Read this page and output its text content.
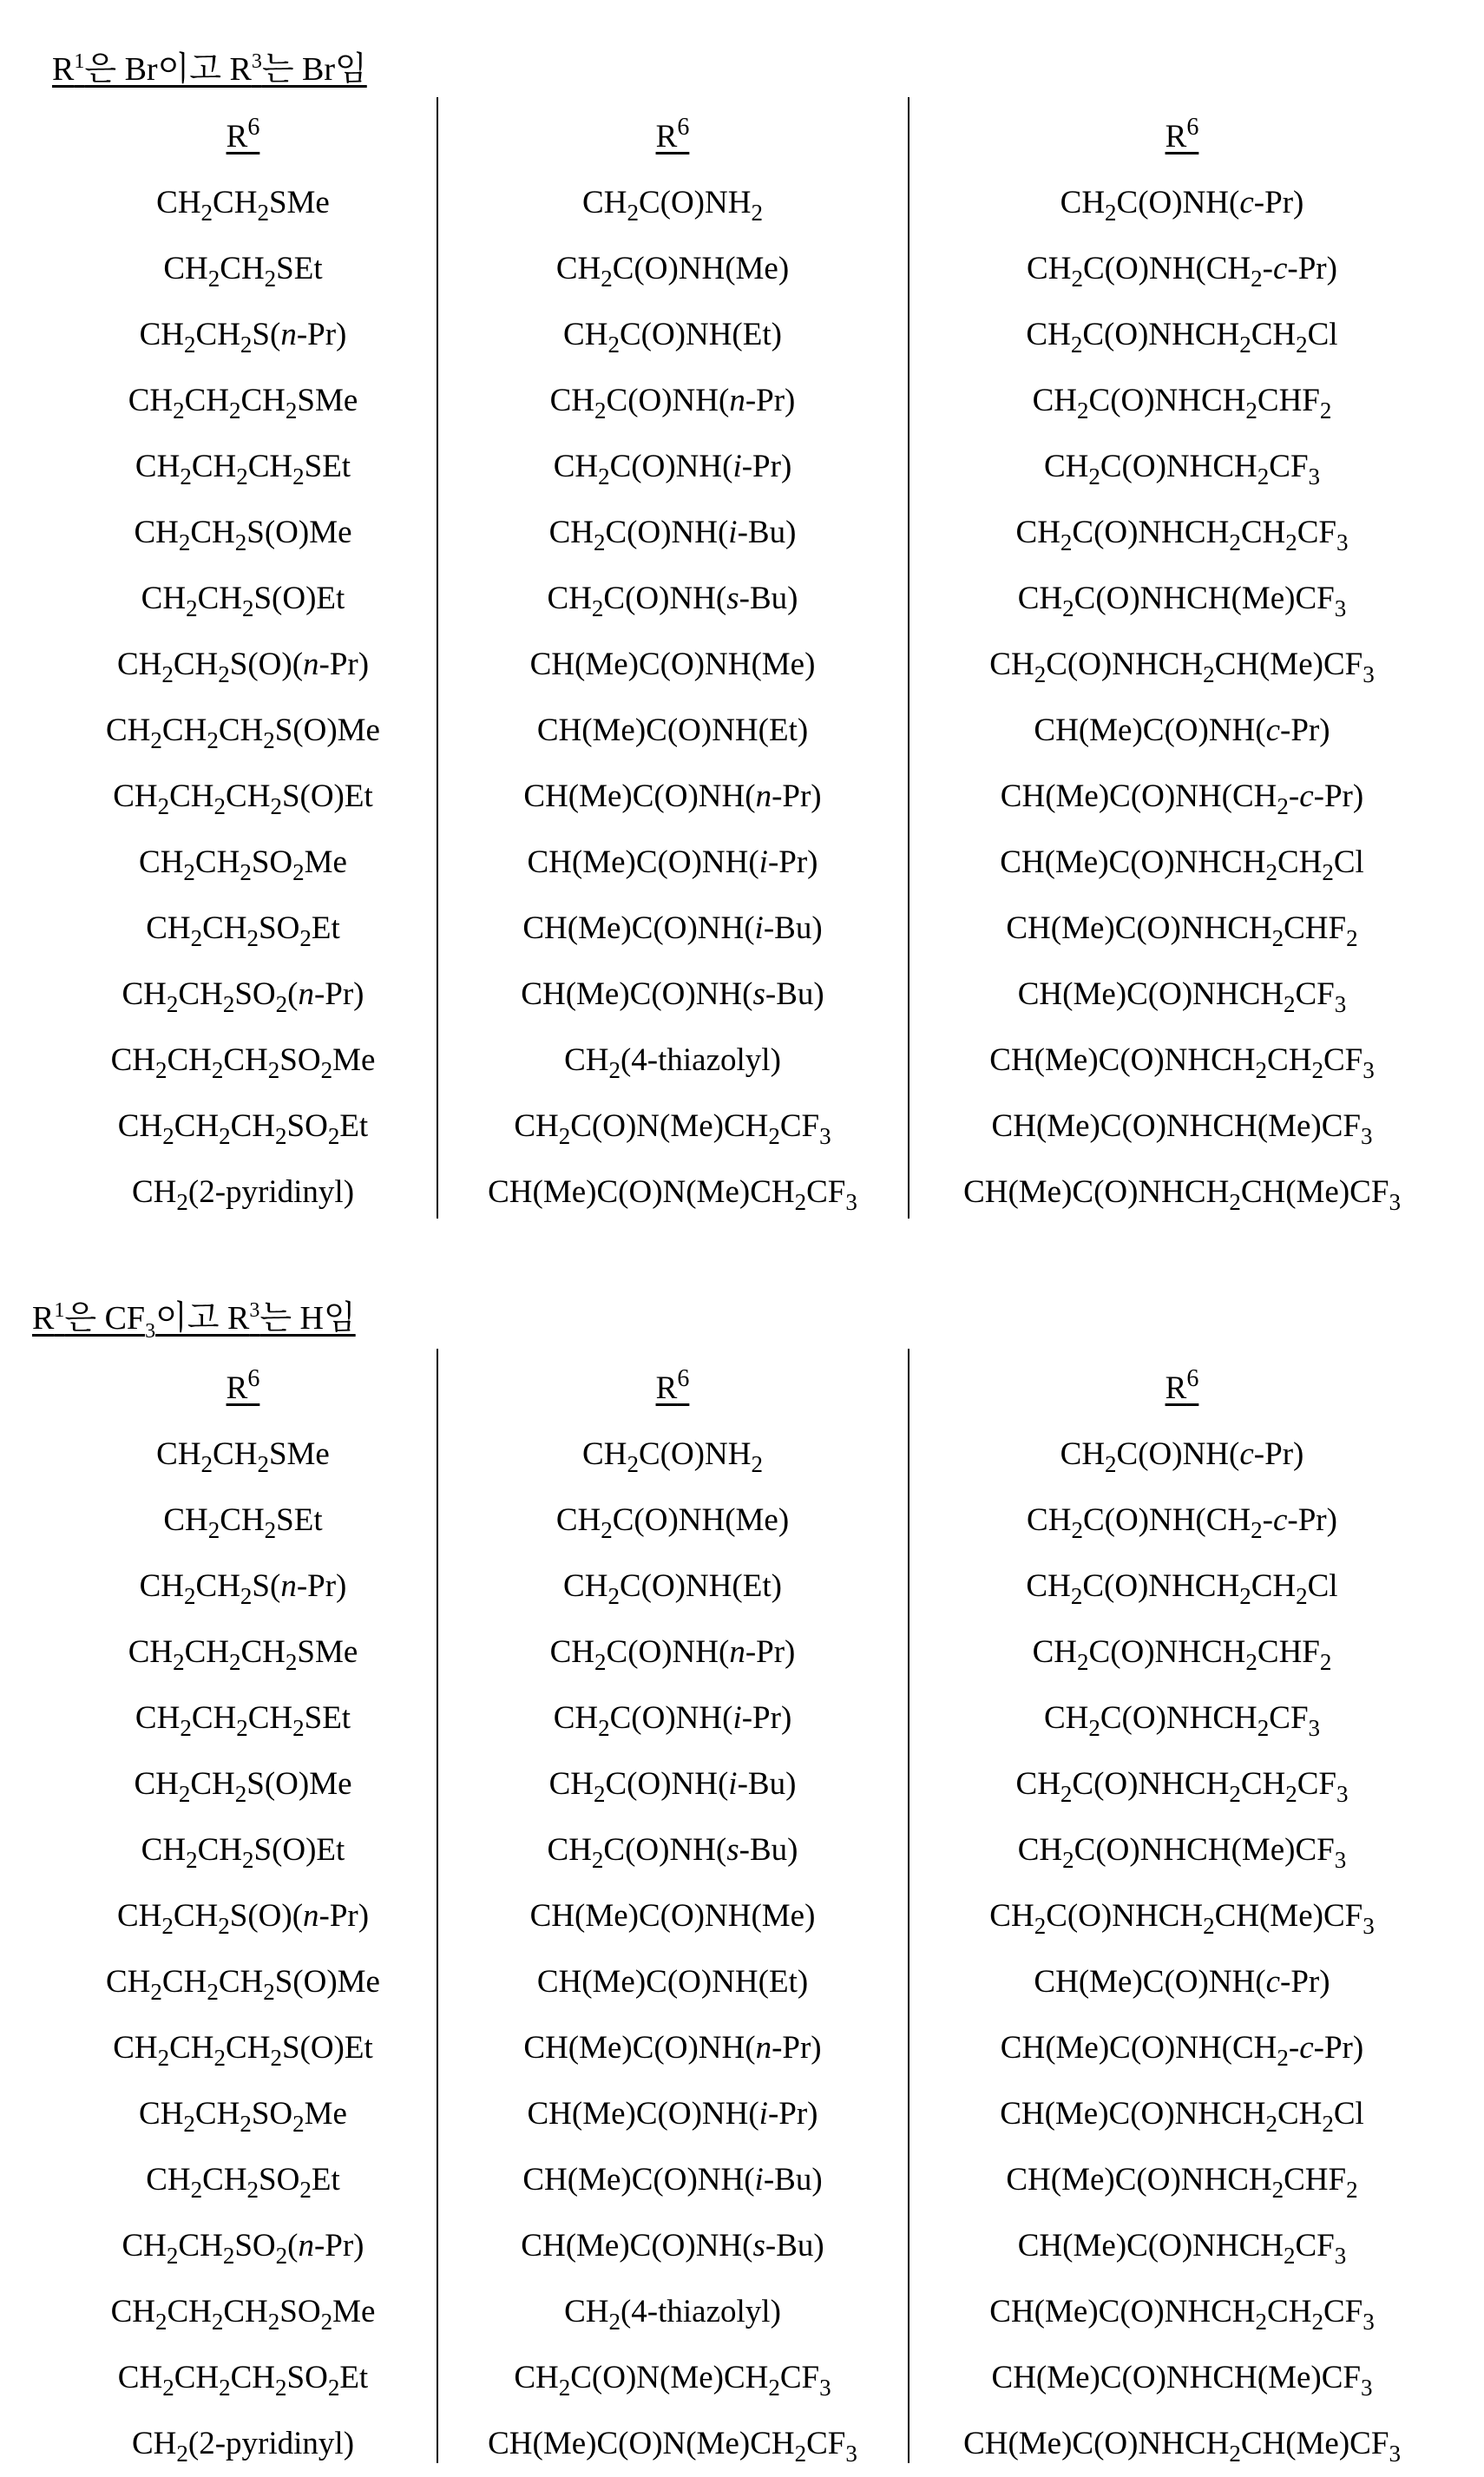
R1은 Br이고 R3는 Br임
R6
CH2CH2SMe
CH2CH2SEt
CH2CH2S(n-Pr)
CH2CH2CH2SMe
CH2CH2CH2SEt
CH2CH2S(O)Me
CH2CH2S(O)Et
CH2CH2S(O)(n-Pr)
CH2CH2CH2S(O)Me
CH2CH2CH2S(O)Et
CH2CH2SO2Me
CH2CH2SO2Et
CH2CH2SO2(n-Pr)
CH2CH2CH2SO2Me
CH2CH2CH2SO2Et
CH2(2-pyridinyl)
R6
CH2C(O)NH2
CH2C(O)NH(Me)
CH2C(O)NH(Et)
CH2C(O)NH(n-Pr)
CH2C(O)NH(i-Pr)
CH2C(O)NH(i-Bu)
CH2C(O)NH(s-Bu)
CH(Me)C(O)NH(Me)
CH(Me)C(O)NH(Et)
CH(Me)C(O)NH(n-Pr)
CH(Me)C(O)NH(i-Pr)
CH(Me)C(O)NH(i-Bu)
CH(Me)C(O)NH(s-Bu)
CH2(4-thiazolyl)
CH2C(O)N(Me)CH2CF3
CH(Me)C(O)N(Me)CH2CF3
R6
CH2C(O)NH(c-Pr)
CH2C(O)NH(CH2-c-Pr)
CH2C(O)NHCH2CH2Cl
CH2C(O)NHCH2CHF2
CH2C(O)NHCH2CF3
CH2C(O)NHCH2CH2CF3
CH2C(O)NHCH(Me)CF3
CH2C(O)NHCH2CH(Me)CF3
CH(Me)C(O)NH(c-Pr)
CH(Me)C(O)NH(CH2-c-Pr)
CH(Me)C(O)NHCH2CH2Cl
CH(Me)C(O)NHCH2CHF2
CH(Me)C(O)NHCH2CF3
CH(Me)C(O)NHCH2CH2CF3
CH(Me)C(O)NHCH(Me)CF3
CH(Me)C(O)NHCH2CH(Me)CF3
R1은 CF3이고 R3는 H임
R6
CH2CH2SMe
CH2CH2SEt
CH2CH2S(n-Pr)
CH2CH2CH2SMe
CH2CH2CH2SEt
CH2CH2S(O)Me
CH2CH2S(O)Et
CH2CH2S(O)(n-Pr)
CH2CH2CH2S(O)Me
CH2CH2CH2S(O)Et
CH2CH2SO2Me
CH2CH2SO2Et
CH2CH2SO2(n-Pr)
CH2CH2CH2SO2Me
CH2CH2CH2SO2Et
CH2(2-pyridinyl)
R6
CH2C(O)NH2
CH2C(O)NH(Me)
CH2C(O)NH(Et)
CH2C(O)NH(n-Pr)
CH2C(O)NH(i-Pr)
CH2C(O)NH(i-Bu)
CH2C(O)NH(s-Bu)
CH(Me)C(O)NH(Me)
CH(Me)C(O)NH(Et)
CH(Me)C(O)NH(n-Pr)
CH(Me)C(O)NH(i-Pr)
CH(Me)C(O)NH(i-Bu)
CH(Me)C(O)NH(s-Bu)
CH2(4-thiazolyl)
CH2C(O)N(Me)CH2CF3
CH(Me)C(O)N(Me)CH2CF3
R6
CH2C(O)NH(c-Pr)
CH2C(O)NH(CH2-c-Pr)
CH2C(O)NHCH2CH2Cl
CH2C(O)NHCH2CHF2
CH2C(O)NHCH2CF3
CH2C(O)NHCH2CH2CF3
CH2C(O)NHCH(Me)CF3
CH2C(O)NHCH2CH(Me)CF3
CH(Me)C(O)NH(c-Pr)
CH(Me)C(O)NH(CH2-c-Pr)
CH(Me)C(O)NHCH2CH2Cl
CH(Me)C(O)NHCH2CHF2
CH(Me)C(O)NHCH2CF3
CH(Me)C(O)NHCH2CH2CF3
CH(Me)C(O)NHCH(Me)CF3
CH(Me)C(O)NHCH2CH(Me)CF3
